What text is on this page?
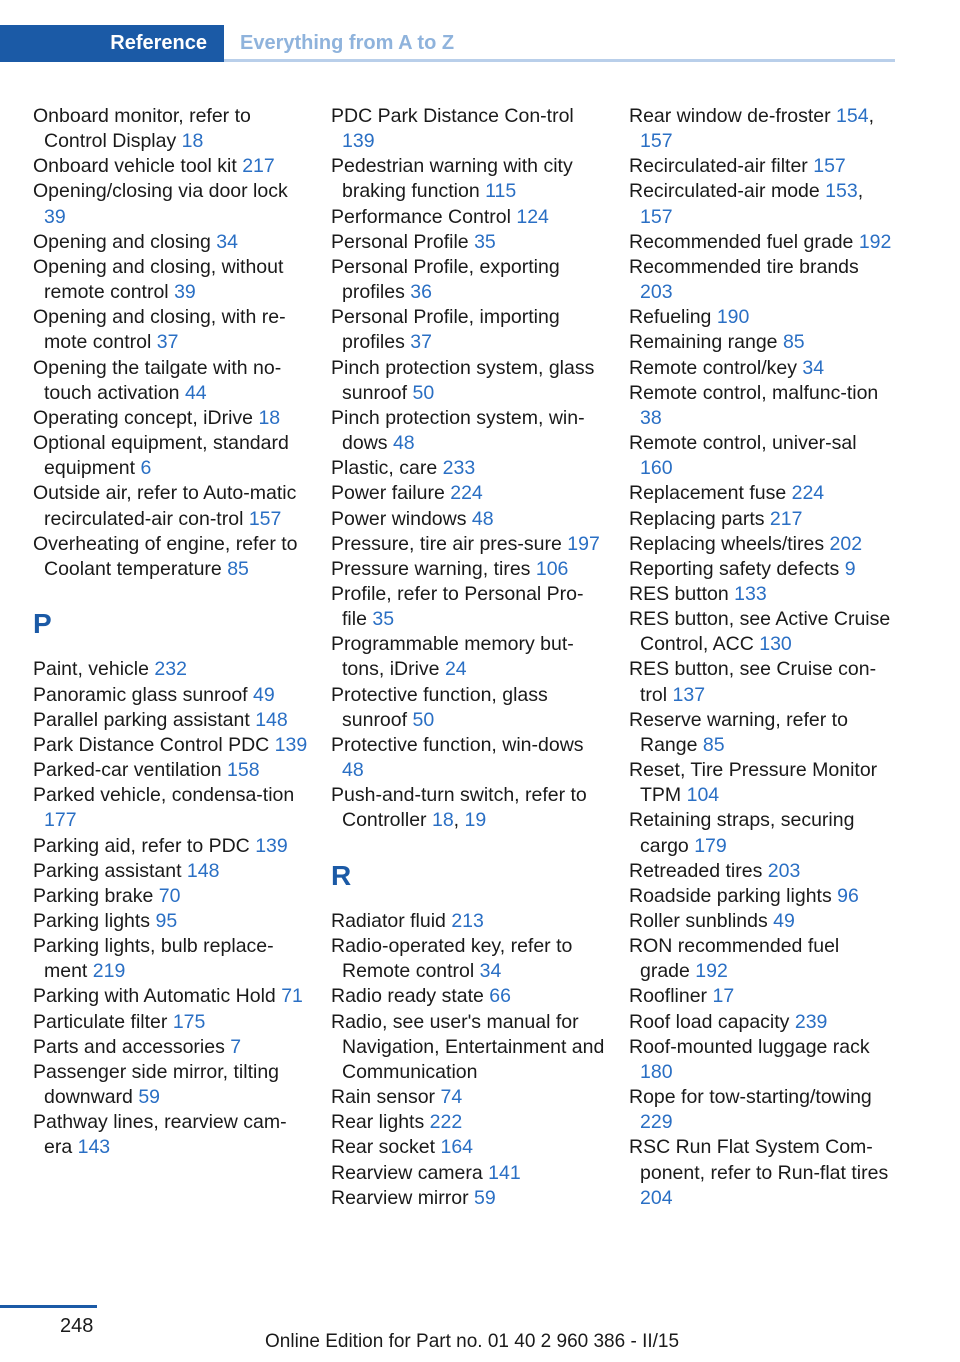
Reference	Everything from A to Z
Onboard monitor, refer to Control Display 18
Onboard vehicle tool kit 217
Opening/closing via door lock 39
Opening and closing 34
Opening and closing, without remote control 39
Opening and closing, with re‐mote control 37
Opening the tailgate with no-touch activation 44
Operating concept, iDrive 18
Optional equipment, standard equipment 6
Outside air, refer to Auto‐matic recirculated-air con‐trol 157
Overheating of engine, refer to Coolant temperature 85
P
Paint, vehicle 232
Panoramic glass sunroof 49
Parallel parking assistant 148
Park Distance Control PDC 139
Parked-car ventilation 158
Parked vehicle, condensa‐tion 177
Parking aid, refer to PDC 139
Parking assistant 148
Parking brake 70
Parking lights 95
Parking lights, bulb replace‐ment 219
Parking with Automatic Hold 71
Particulate filter 175
Parts and accessories 7
Passenger side mirror, tilting downward 59
Pathway lines, rearview cam‐era 143
PDC Park Distance Con‐trol 139
Pedestrian warning with city braking function 115
Performance Control 124
Personal Profile 35
Personal Profile, exporting profiles 36
Personal Profile, importing profiles 37
Pinch protection system, glass sunroof 50
Pinch protection system, win‐dows 48
Plastic, care 233
Power failure 224
Power windows 48
Pressure, tire air pres‐sure 197
Pressure warning, tires 106
Profile, refer to Personal Pro‐file 35
Programmable memory but‐tons, iDrive 24
Protective function, glass sunroof 50
Protective function, win‐dows 48
Push-and-turn switch, refer to Controller 18, 19
R
Radiator fluid 213
Radio-operated key, refer to Remote control 34
Radio ready state 66
Radio, see user's manual for Navigation, Entertainment and Communication
Rain sensor 74
Rear lights 222
Rear socket 164
Rearview camera 141
Rearview mirror 59
Rear window de‐froster 154, 157
Recirculated-air filter 157
Recirculated-air mode 153, 157
Recommended fuel grade 192
Recommended tire brands 203
Refueling 190
Remaining range 85
Remote control/key 34
Remote control, malfunc‐tion 38
Remote control, univer‐sal 160
Replacement fuse 224
Replacing parts 217
Replacing wheels/tires 202
Reporting safety defects 9
RES button 133
RES button, see Active Cruise Control, ACC 130
RES button, see Cruise con‐trol 137
Reserve warning, refer to Range 85
Reset, Tire Pressure Monitor TPM 104
Retaining straps, securing cargo 179
Retreaded tires 203
Roadside parking lights 96
Roller sunblinds 49
RON recommended fuel grade 192
Roofliner 17
Roof load capacity 239
Roof-mounted luggage rack 180
Rope for tow-starting/towing 229
RSC Run Flat System Com‐ponent, refer to Run-flat tires 204
248
Online Edition for Part no. 01 40 2 960 386 - II/15
